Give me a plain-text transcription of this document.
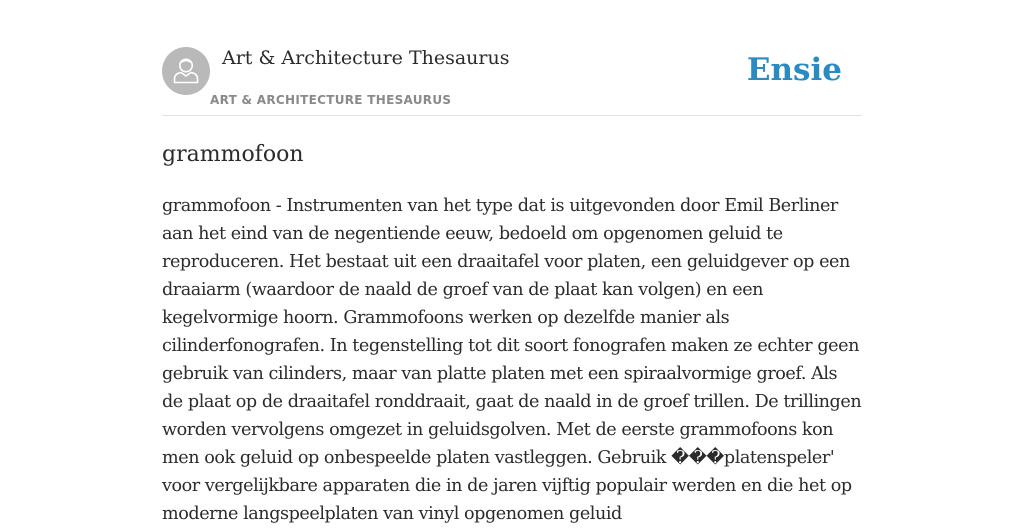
Art & Architecture Thesaurus
ART & ARCHITECTURE THESAURUS
Ensie
grammofoon

grammofoon - Instrumenten van het type dat is uitgevonden door Emil Berliner aan het eind van de negentiende eeuw, bedoeld om opgenomen geluid te reproduceren. Het bestaat uit een draaitafel voor platen, een geluidgever op een draaiarm (waardoor de naald de groef van de plaat kan volgen) en een kegelvormige hoorn. Grammofoons werken op dezelfde manier als cilinderfonografen. In tegenstelling tot dit soort fonografen maken ze echter geen gebruik van cilinders, maar van platte platen met een spiraalvormige groef. Als de plaat op de draaitafel ronddraait, gaat de naald in de groef trillen. De trillingen worden vervolgens omgezet in geluidsgolven. Met de eerste grammofoons kon men ook geluid op onbespeelde platen vastleggen. Gebruik ���platenspeler' voor vergelijkbare apparaten die in de jaren vijftig populair werden en die het op moderne langspeelplaten van vinyl opgenomen geluid
